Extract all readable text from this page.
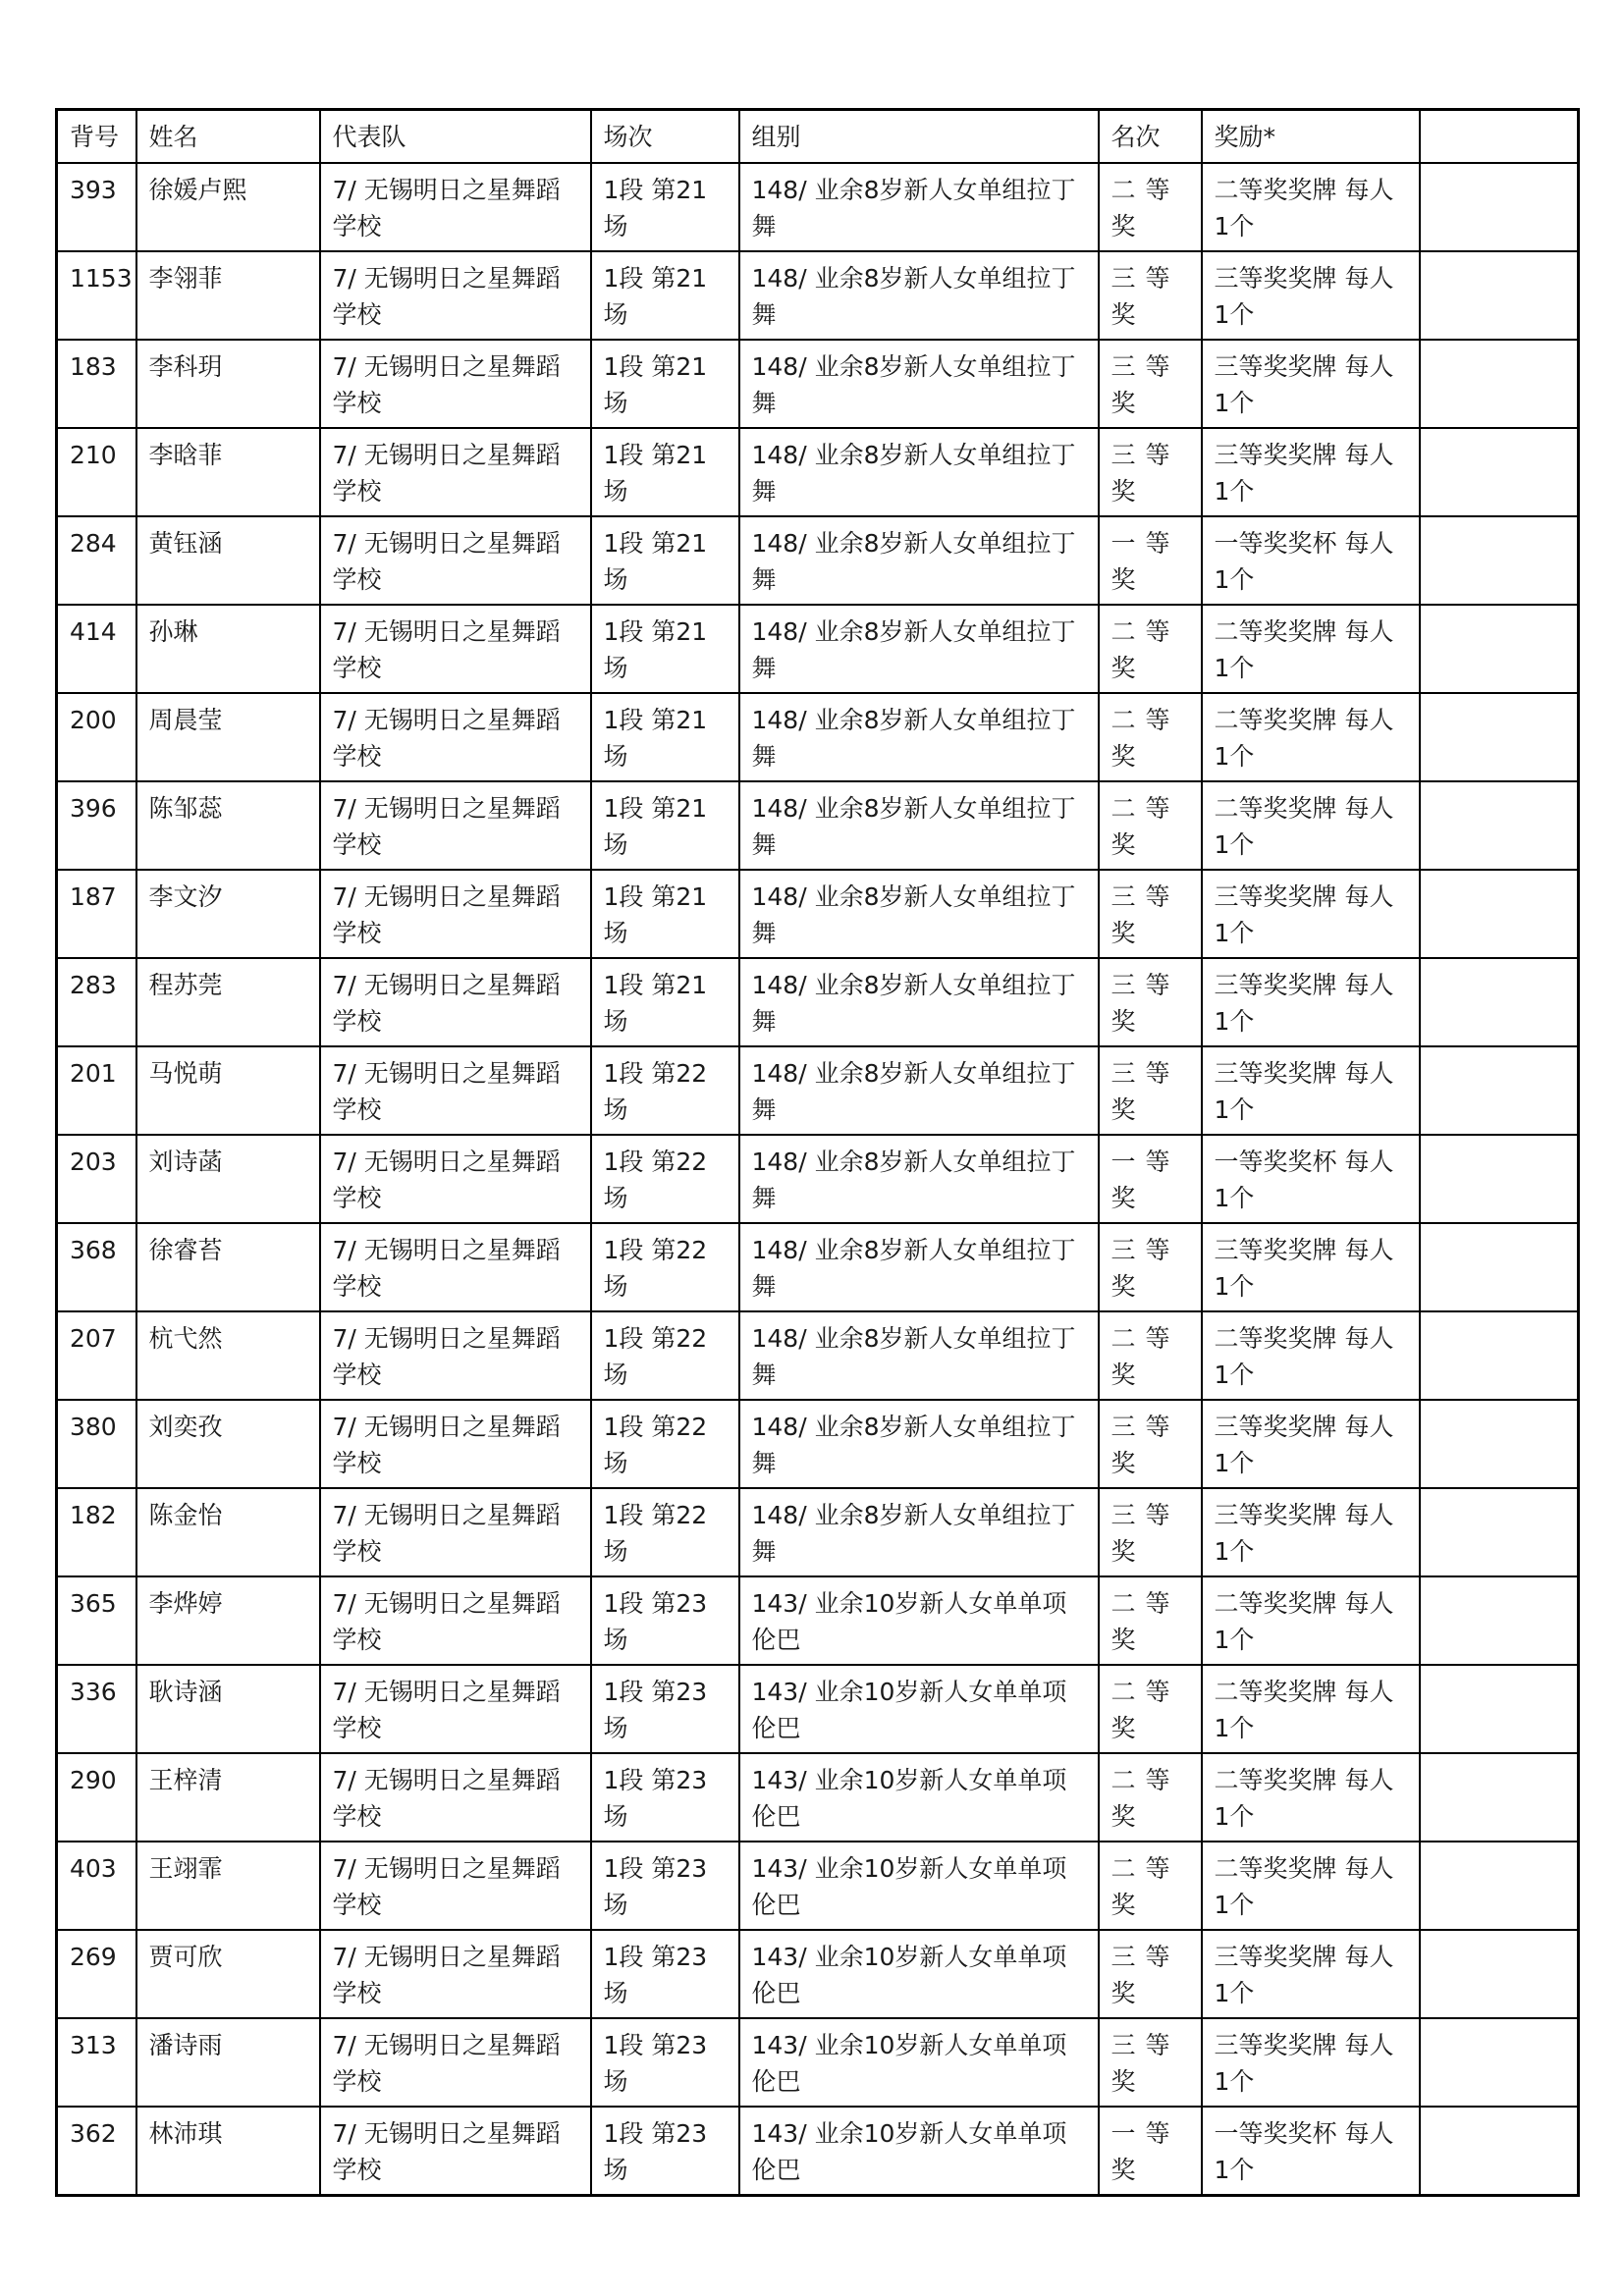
背号	姓名	代表队	场次	组别	名次	奖励*	
393	徐媛卢熙	7/ 无锡明日之星舞蹈学校	1段 第21场	148/ 业余8岁新人女单组拉丁舞	二等奖	二等奖奖牌 每人1个	
1153	李翎菲	7/ 无锡明日之星舞蹈学校	1段 第21场	148/ 业余8岁新人女单组拉丁舞	三等奖	三等奖奖牌 每人1个	
183	李科玥	7/ 无锡明日之星舞蹈学校	1段 第21场	148/ 业余8岁新人女单组拉丁舞	三等奖	三等奖奖牌 每人1个	
210	李晗菲	7/ 无锡明日之星舞蹈学校	1段 第21场	148/ 业余8岁新人女单组拉丁舞	三等奖	三等奖奖牌 每人1个	
284	黄钰涵	7/ 无锡明日之星舞蹈学校	1段 第21场	148/ 业余8岁新人女单组拉丁舞	一等奖	一等奖奖杯 每人1个	
414	孙琳	7/ 无锡明日之星舞蹈学校	1段 第21场	148/ 业余8岁新人女单组拉丁舞	二等奖	二等奖奖牌 每人1个	
200	周晨莹	7/ 无锡明日之星舞蹈学校	1段 第21场	148/ 业余8岁新人女单组拉丁舞	二等奖	二等奖奖牌 每人1个	
396	陈邹蕊	7/ 无锡明日之星舞蹈学校	1段 第21场	148/ 业余8岁新人女单组拉丁舞	二等奖	二等奖奖牌 每人1个	
187	李文汐	7/ 无锡明日之星舞蹈学校	1段 第21场	148/ 业余8岁新人女单组拉丁舞	三等奖	三等奖奖牌 每人1个	
283	程苏莞	7/ 无锡明日之星舞蹈学校	1段 第21场	148/ 业余8岁新人女单组拉丁舞	三等奖	三等奖奖牌 每人1个	
201	马悦萌	7/ 无锡明日之星舞蹈学校	1段 第22场	148/ 业余8岁新人女单组拉丁舞	三等奖	三等奖奖牌 每人1个	
203	刘诗菡	7/ 无锡明日之星舞蹈学校	1段 第22场	148/ 业余8岁新人女单组拉丁舞	一等奖	一等奖奖杯 每人1个	
368	徐睿苔	7/ 无锡明日之星舞蹈学校	1段 第22场	148/ 业余8岁新人女单组拉丁舞	三等奖	三等奖奖牌 每人1个	
207	杭弋然	7/ 无锡明日之星舞蹈学校	1段 第22场	148/ 业余8岁新人女单组拉丁舞	二等奖	二等奖奖牌 每人1个	
380	刘奕孜	7/ 无锡明日之星舞蹈学校	1段 第22场	148/ 业余8岁新人女单组拉丁舞	三等奖	三等奖奖牌 每人1个	
182	陈金怡	7/ 无锡明日之星舞蹈学校	1段 第22场	148/ 业余8岁新人女单组拉丁舞	三等奖	三等奖奖牌 每人1个	
365	李烨婷	7/ 无锡明日之星舞蹈学校	1段 第23场	143/ 业余10岁新人女单单项伦巴	二等奖	二等奖奖牌 每人1个	
336	耿诗涵	7/ 无锡明日之星舞蹈学校	1段 第23场	143/ 业余10岁新人女单单项伦巴	二等奖	二等奖奖牌 每人1个	
290	王梓清	7/ 无锡明日之星舞蹈学校	1段 第23场	143/ 业余10岁新人女单单项伦巴	二等奖	二等奖奖牌 每人1个	
403	王翊霏	7/ 无锡明日之星舞蹈学校	1段 第23场	143/ 业余10岁新人女单单项伦巴	二等奖	二等奖奖牌 每人1个	
269	贾可欣	7/ 无锡明日之星舞蹈学校	1段 第23场	143/ 业余10岁新人女单单项伦巴	三等奖	三等奖奖牌 每人1个	
313	潘诗雨	7/ 无锡明日之星舞蹈学校	1段 第23场	143/ 业余10岁新人女单单项伦巴	三等奖	三等奖奖牌 每人1个	
362	林沛琪	7/ 无锡明日之星舞蹈学校	1段 第23场	143/ 业余10岁新人女单单项伦巴	一等奖	一等奖奖杯 每人1个	
